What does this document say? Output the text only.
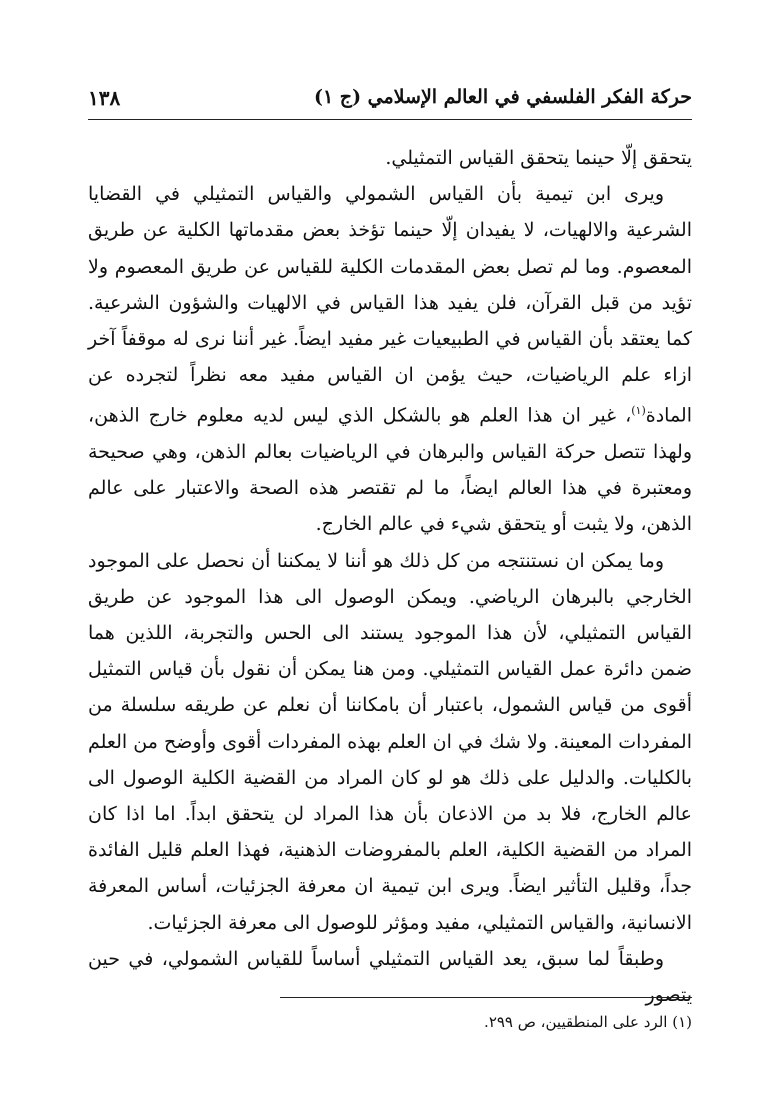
حركة الفكر الفلسفي في العالم الإسلامي (ج ١)
١٣٨

يتحقق إلّا حينما يتحقق القياس التمثيلي.

ويرى ابن تيمية بأن القياس الشمولي والقياس التمثيلي في القضايا الشرعية والالهيات، لا يفيدان إلّا حينما تؤخذ بعض مقدماتها الكلية عن طريق المعصوم. وما لم تصل بعض المقدمات الكلية للقياس عن طريق المعصوم ولا تؤيد من قبل القرآن، فلن يفيد هذا القياس في الالهيات والشؤون الشرعية. كما يعتقد بأن القياس في الطبيعيات غير مفيد ايضاً. غير أننا نرى له موقفاً آخر ازاء علم الرياضيات، حيث يؤمن ان القياس مفيد معه نظراً لتجرده عن المادة$^{(١)}$، غير ان هذا العلم هو بالشكل الذي ليس لديه معلوم خارج الذهن، ولهذا تتصل حركة القياس والبرهان في الرياضيات بعالم الذهن، وهي صحيحة ومعتبرة في هذا العالم ايضاً، ما لم تقتصر هذه الصحة والاعتبار على عالم الذهن، ولا يثبت أو يتحقق شيء في عالم الخارج.

وما يمكن ان نستنتجه من كل ذلك هو أننا لا يمكننا أن نحصل على الموجود الخارجي بالبرهان الرياضي. ويمكن الوصول الى هذا الموجود عن طريق القياس التمثيلي، لأن هذا الموجود يستند الى الحس والتجربة، اللذين هما ضمن دائرة عمل القياس التمثيلي. ومن هنا يمكن أن نقول بأن قياس التمثيل أقوى من قياس الشمول، باعتبار أن بامكاننا أن نعلم عن طريقه سلسلة من المفردات المعينة. ولا شك في ان العلم بهذه المفردات أقوى وأوضح من العلم بالكليات. والدليل على ذلك هو لو كان المراد من القضية الكلية الوصول الى عالم الخارج، فلا بد من الاذعان بأن هذا المراد لن يتحقق ابداً. اما اذا كان المراد من القضية الكلية، العلم بالمفروضات الذهنية، فهذا العلم قليل الفائدة جداً، وقليل التأثير ايضاً. ويرى ابن تيمية ان معرفة الجزئيات، أساس المعرفة الانسانية، والقياس التمثيلي، مفيد ومؤثر للوصول الى معرفة الجزئيات.

وطبقاً لما سبق، يعد القياس التمثيلي أساساً للقياس الشمولي، في حين يتصور

(١) الرد على المنطقيين، ص ٢٩٩.
